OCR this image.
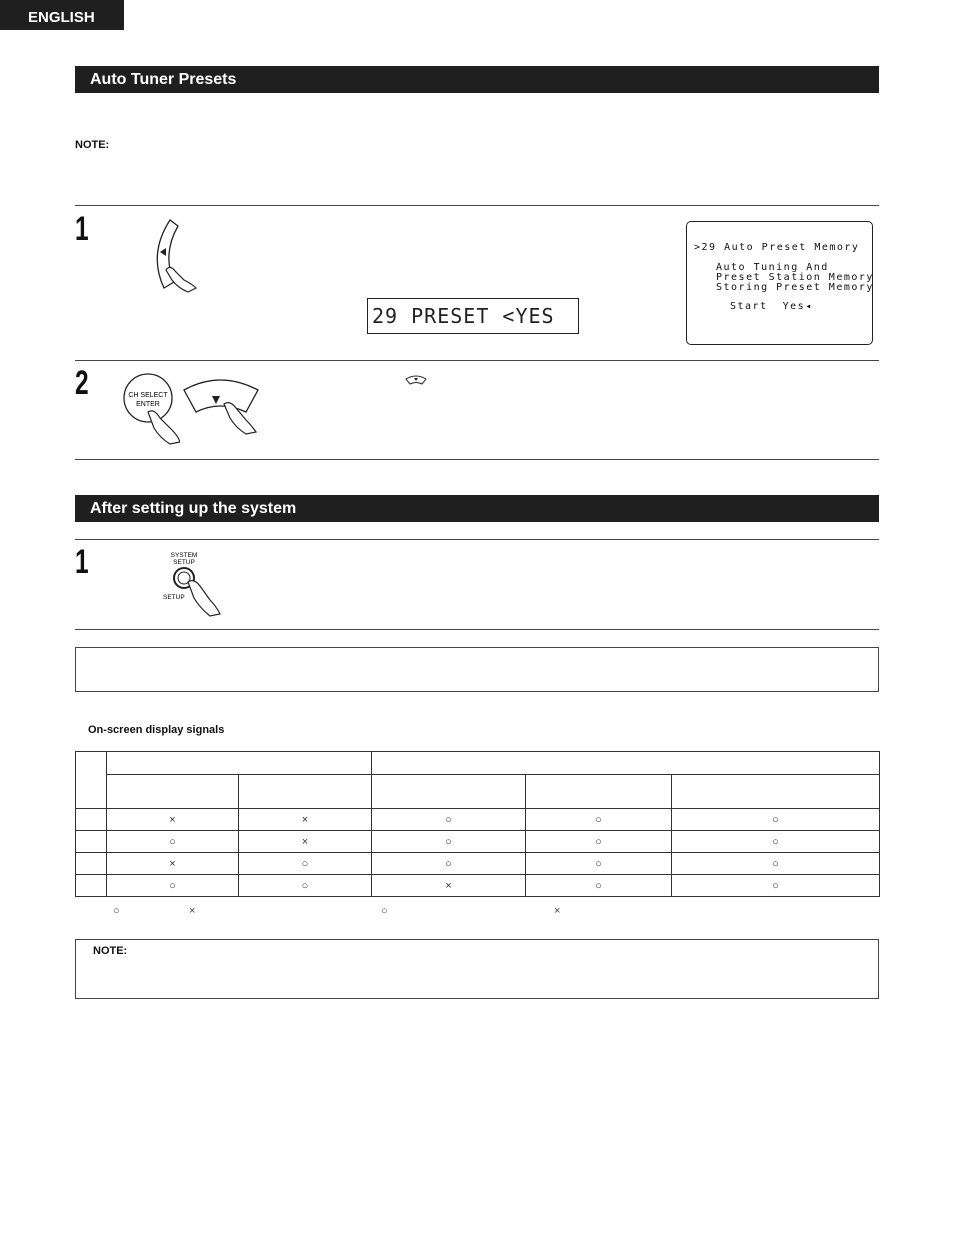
ENGLISH
Auto Tuner Presets
NOTE:
1
29 PRESET <YES
>29 Auto Preset Memory
Auto Tuning And
Preset Station Memory
Storing Preset Memory
Start  Yes◂
2	CH SELECT
ENTER
After setting up the system
1	SYSTEM
SETUP
SETUP
On-screen display signals

	×	×	○	○	○
	○	×	○	○	○
	×	○	○	○	○
	○	○	×	○	○
○	×	○	×
NOTE:
